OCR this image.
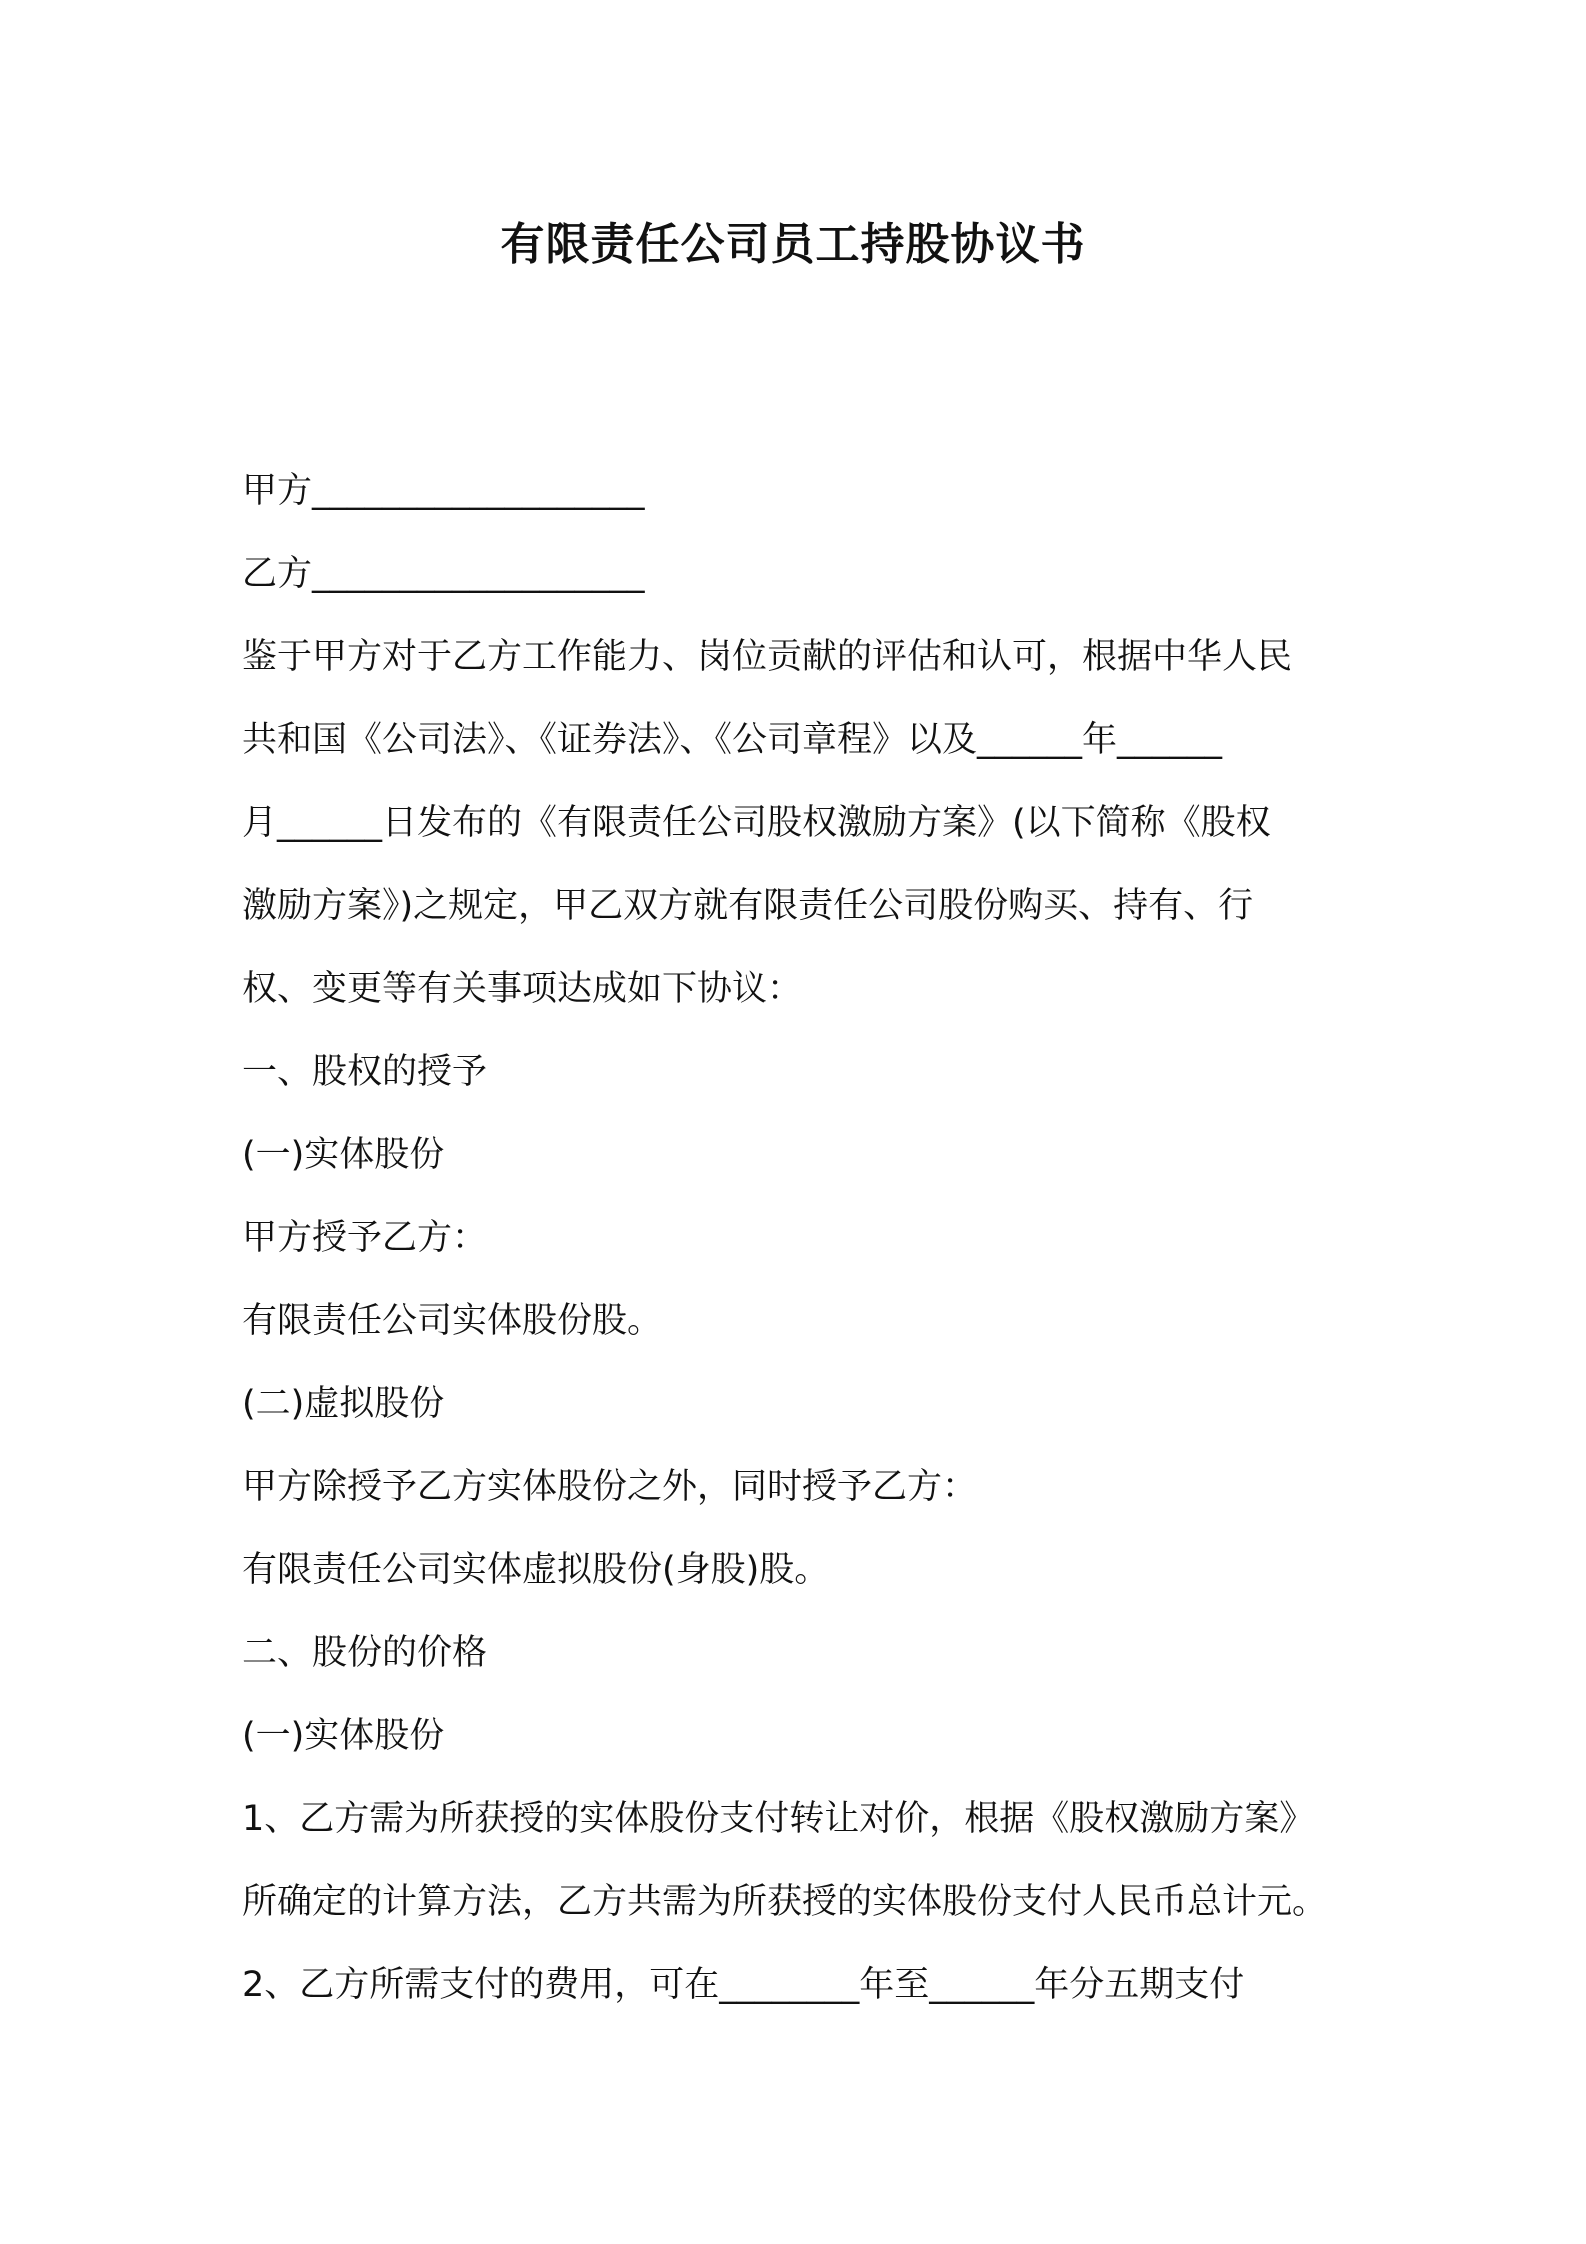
有限责任公司员工持股协议书
甲方___________________
乙方___________________
鉴于甲方对于乙方工作能力、岗位贡献的评估和认可，根据中华人民
共和国《公司法》、《证券法》、《公司章程》以及______年______
月______日发布的《有限责任公司股权激励方案》(以下简称《股权
激励方案》)之规定，甲乙双方就有限责任公司股份购买、持有、行
权、变更等有关事项达成如下协议：
一、股权的授予
(一)实体股份
甲方授予乙方：
有限责任公司实体股份股。
(二)虚拟股份
甲方除授予乙方实体股份之外，同时授予乙方：
有限责任公司实体虚拟股份(身股)股。
二、股份的价格
(一)实体股份
1、乙方需为所获授的实体股份支付转让对价，根据《股权激励方案》
所确定的计算方法，乙方共需为所获授的实体股份支付人民币总计元。
2、乙方所需支付的费用，可在________年至______年分五期支付
